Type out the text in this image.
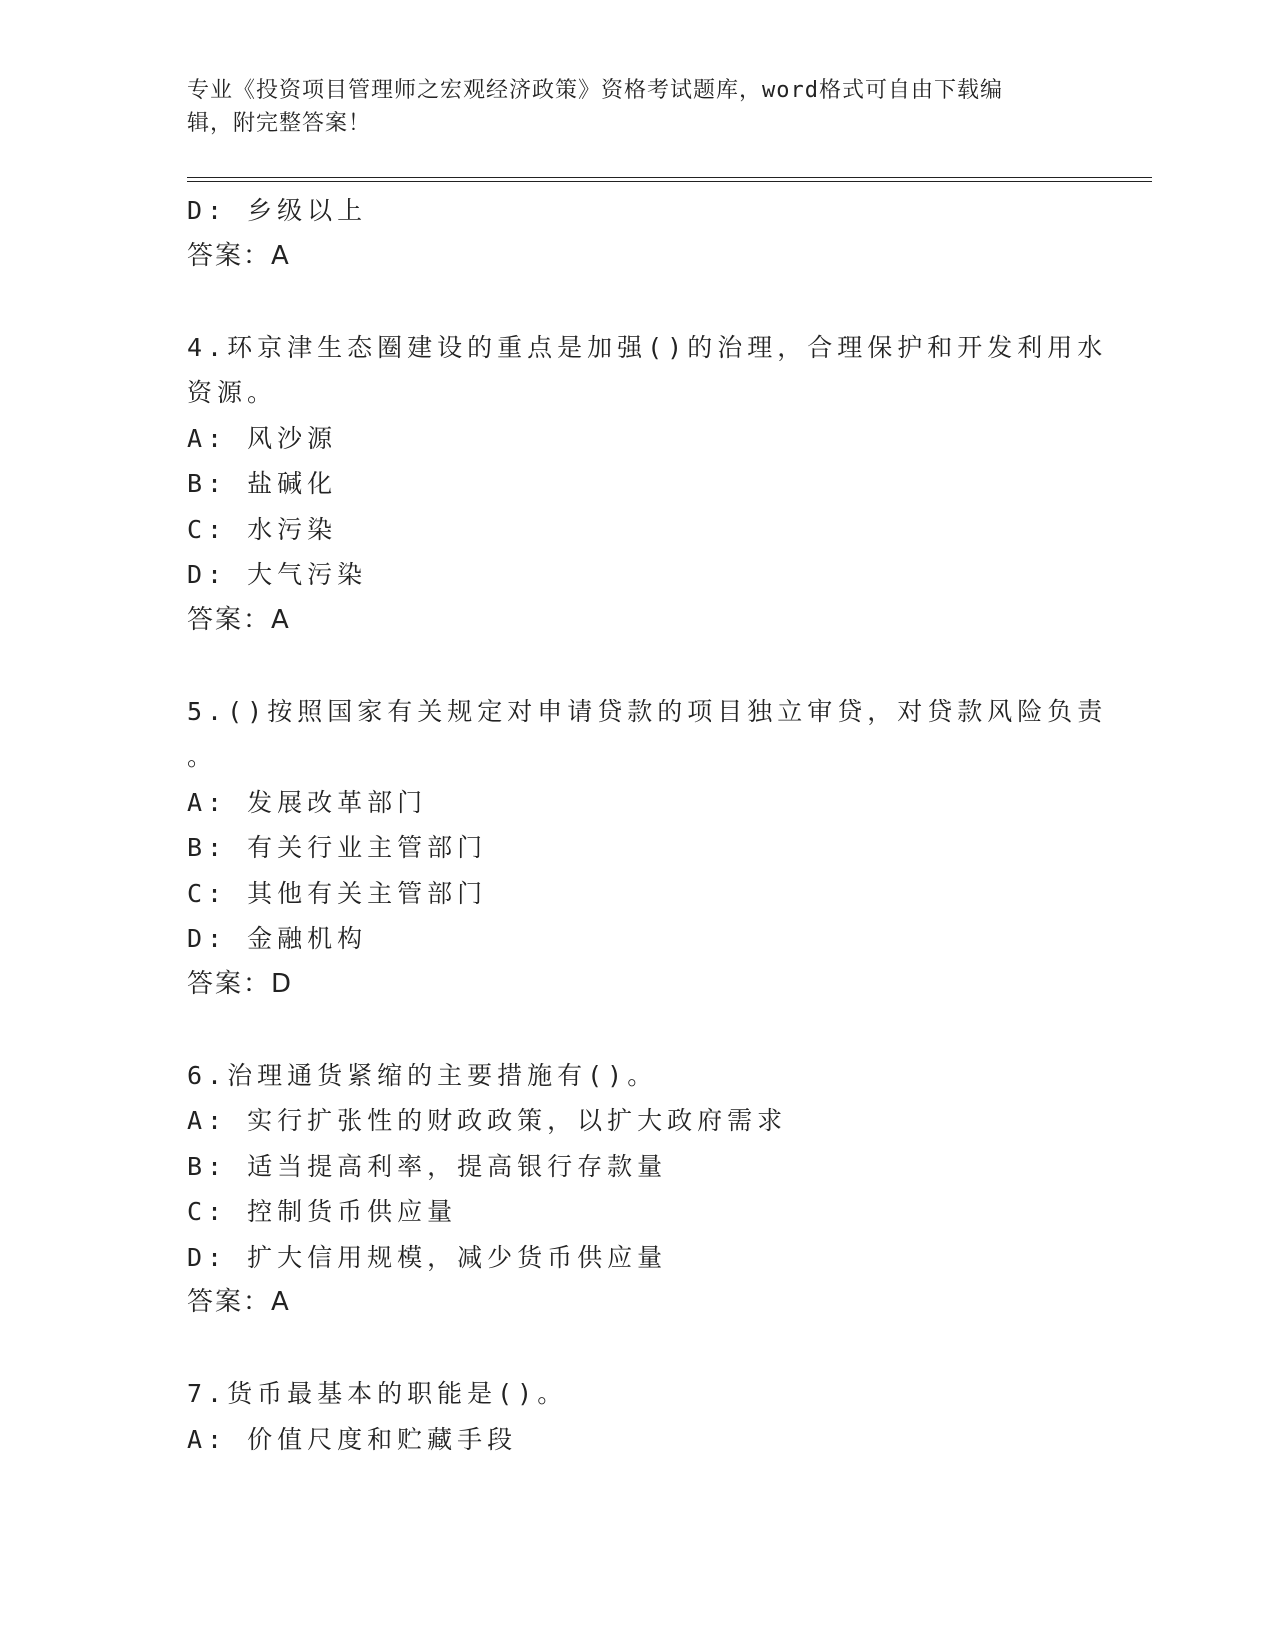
专业《投资项目管理师之宏观经济政策》资格考试题库，word格式可自由下载编
辑，附完整答案！
D: 乡级以上
答案：A
4.环京津生态圈建设的重点是加强()的治理，合理保护和开发利用水
资源。
A: 风沙源
B: 盐碱化
C: 水污染
D: 大气污染
答案：A
5.()按照国家有关规定对申请贷款的项目独立审贷，对贷款风险负责
。
A: 发展改革部门
B: 有关行业主管部门
C: 其他有关主管部门
D: 金融机构
答案：D
6.治理通货紧缩的主要措施有()。
A: 实行扩张性的财政政策，以扩大政府需求
B: 适当提高利率，提高银行存款量
C: 控制货币供应量
D: 扩大信用规模，减少货币供应量
答案：A
7.货币最基本的职能是()。
A: 价值尺度和贮藏手段
